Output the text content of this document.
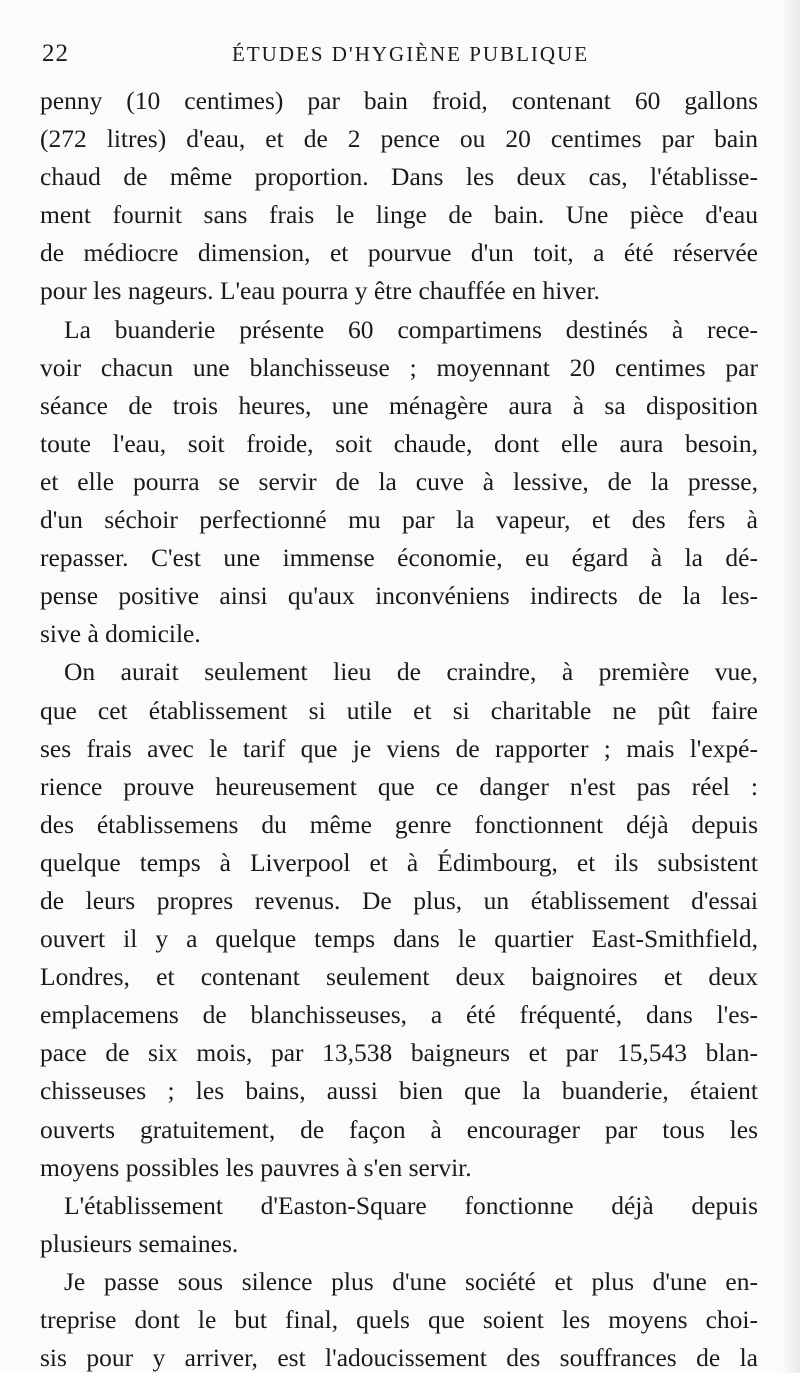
22	ÉTUDES D'HYGIÈNE PUBLIQUE
penny (10 centimes) par bain froid, contenant 60 gallons
(272 litres) d'eau, et de 2 pence ou 20 centimes par bain
chaud de même proportion. Dans les deux cas, l'établisse-
ment fournit sans frais le linge de bain. Une pièce d'eau
de médiocre dimension, et pourvue d'un toit, a été réservée
pour les nageurs. L'eau pourra y être chauffée en hiver.
La buanderie présente 60 compartimens destinés à rece-
voir chacun une blanchisseuse ; moyennant 20 centimes par
séance de trois heures, une ménagère aura à sa disposition
toute l'eau, soit froide, soit chaude, dont elle aura besoin,
et elle pourra se servir de la cuve à lessive, de la presse,
d'un séchoir perfectionné mu par la vapeur, et des fers à
repasser. C'est une immense économie, eu égard à la dé-
pense positive ainsi qu'aux inconvéniens indirects de la les-
sive à domicile.
On aurait seulement lieu de craindre, à première vue,
que cet établissement si utile et si charitable ne pût faire
ses frais avec le tarif que je viens de rapporter ; mais l'expé-
rience prouve heureusement que ce danger n'est pas réel :
des établissemens du même genre fonctionnent déjà depuis
quelque temps à Liverpool et à Édimbourg, et ils subsistent
de leurs propres revenus. De plus, un établissement d'essai
ouvert il y a quelque temps dans le quartier East-Smithfield,
Londres, et contenant seulement deux baignoires et deux
emplacemens de blanchisseuses, a été fréquenté, dans l'es-
pace de six mois, par 13,538 baigneurs et par 15,543 blan-
chisseuses ; les bains, aussi bien que la buanderie, étaient
ouverts gratuitement, de façon à encourager par tous les
moyens possibles les pauvres à s'en servir.
L'établissement d'Easton-Square fonctionne déjà depuis
plusieurs semaines.
Je passe sous silence plus d'une société et plus d'une en-
treprise dont le but final, quels que soient les moyens choi-
sis pour y arriver, est l'adoucissement des souffrances de la
